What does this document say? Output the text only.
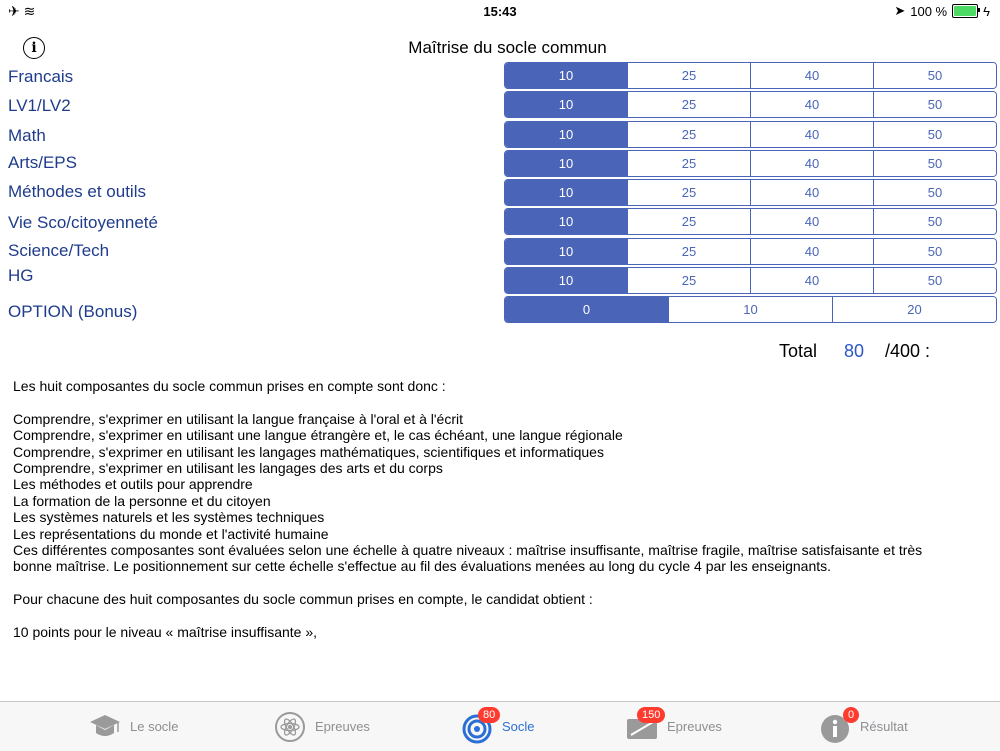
✈ ≋	15:43	➤ 100 %	ϟ
i	Maîtrise du socle commun
Francais	10	25	40	50
LV1/LV2	10	25	40	50
Math	10	25	40	50
Arts/EPS	10	25	40	50
Méthodes et outils	10	25	40	50
Vie Sco/citoyenneté	10	25	40	50
Science/Tech	10	25	40	50
HG	10	25	40	50
OPTION (Bonus)	0	10	20
Total 80 /400 :

Les huit composantes du socle commun prises en compte sont donc :

Comprendre, s'exprimer en utilisant la langue française à l'oral et à l'écrit

Comprendre, s'exprimer en utilisant une langue étrangère et, le cas échéant, une langue régionale

Comprendre, s'exprimer en utilisant les langages mathématiques, scientifiques et informatiques

Comprendre, s'exprimer en utilisant les langages des arts et du corps

Les méthodes et outils pour apprendre

La formation de la personne et du citoyen

Les systèmes naturels et les systèmes techniques

Les représentations du monde et l'activité humaine

Ces différentes composantes sont évaluées selon une échelle à quatre niveaux : maîtrise insuffisante, maîtrise fragile, maîtrise satisfaisante et très

bonne maîtrise. Le positionnement sur cette échelle s'effectue au fil des évaluations menées au long du cycle 4 par les enseignants.

Pour chacune des huit composantes du socle commun prises en compte, le candidat obtient :

10 points pour le niveau « maîtrise insuffisante »,

Le socle	Epreuves
80
Socle
150
Epreuves
0
Résultat
